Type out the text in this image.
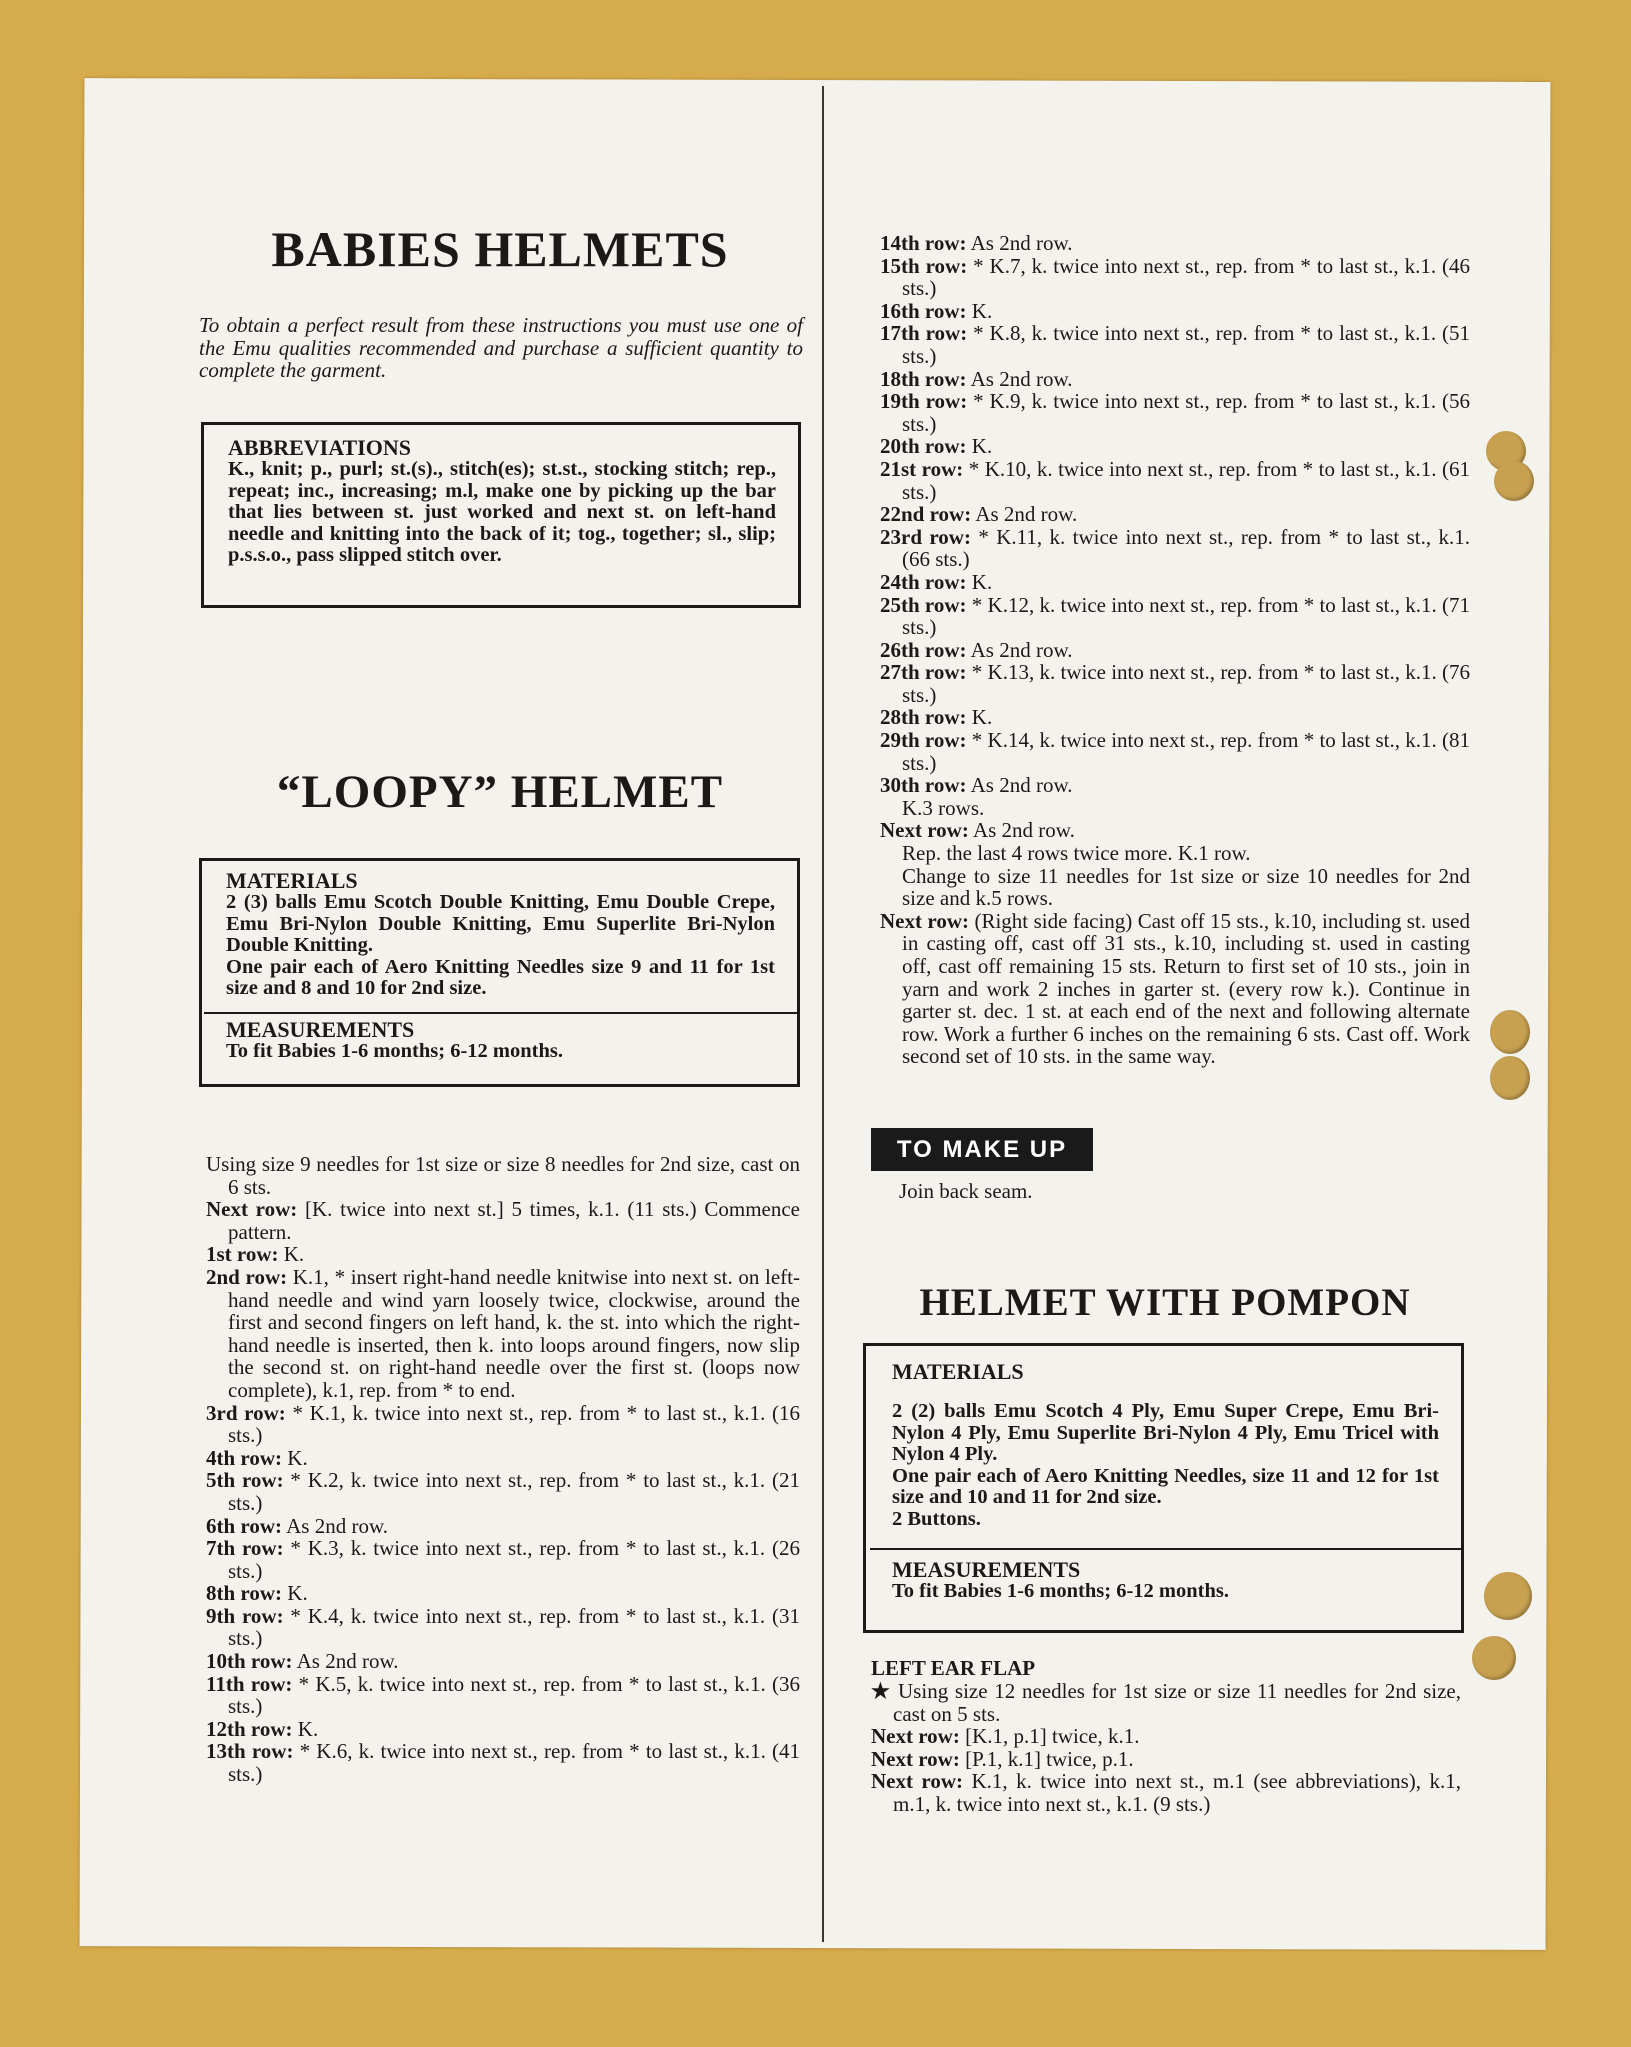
BABIES HELMETS
To obtain a perfect result from these instructions you must use one of the Emu qualities recommended and purchase a sufficient quantity to complete the garment.
ABBREVIATIONS
K., knit; p., purl; st.(s)., stitch(es); st.st., stocking stitch; rep., repeat; inc., increasing; m.l, make one by picking up the bar that lies between st. just worked and next st. on left-hand needle and knitting into the back of it; tog., together; sl., slip; p.s.s.o., pass slipped stitch over.
“LOOPY” HELMET
MATERIALS
2 (3) balls Emu Scotch Double Knitting, Emu Double Crepe, Emu Bri-Nylon Double Knitting, Emu Superlite Bri-Nylon Double Knitting.
One pair each of Aero Knitting Needles size 9 and 11 for 1st size and 8 and 10 for 2nd size.
MEASUREMENTS
To fit Babies 1-6 months; 6-12 months.

Using size 9 needles for 1st size or size 8 needles for 2nd size, cast on 6 sts.

Next row: [K. twice into next st.] 5 times, k.1. (11 sts.) Commence pattern.

1st row: K.

2nd row: K.1, * insert right-hand needle knitwise into next st. on left-hand needle and wind yarn loosely twice, clockwise, around the first and second fingers on left hand, k. the st. into which the right-hand needle is inserted, then k. into loops around fingers, now slip the second st. on right-hand needle over the first st. (loops now complete), k.1, rep. from * to end.

3rd row: * K.1, k. twice into next st., rep. from * to last st., k.1. (16 sts.)

4th row: K.

5th row: * K.2, k. twice into next st., rep. from * to last st., k.1. (21 sts.)

6th row: As 2nd row.

7th row: * K.3, k. twice into next st., rep. from * to last st., k.1. (26 sts.)

8th row: K.

9th row: * K.4, k. twice into next st., rep. from * to last st., k.1. (31 sts.)

10th row: As 2nd row.

11th row: * K.5, k. twice into next st., rep. from * to last st., k.1. (36 sts.)

12th row: K.

13th row: * K.6, k. twice into next st., rep. from * to last st., k.1. (41 sts.)

14th row: As 2nd row.

15th row: * K.7, k. twice into next st., rep. from * to last st., k.1. (46 sts.)

16th row: K.

17th row: * K.8, k. twice into next st., rep. from * to last st., k.1. (51 sts.)

18th row: As 2nd row.

19th row: * K.9, k. twice into next st., rep. from * to last st., k.1. (56 sts.)

20th row: K.

21st row: * K.10, k. twice into next st., rep. from * to last st., k.1. (61 sts.)

22nd row: As 2nd row.

23rd row: * K.11, k. twice into next st., rep. from * to last st., k.1. (66 sts.)

24th row: K.

25th row: * K.12, k. twice into next st., rep. from * to last st., k.1. (71 sts.)

26th row: As 2nd row.

27th row: * K.13, k. twice into next st., rep. from * to last st., k.1. (76 sts.)

28th row: K.

29th row: * K.14, k. twice into next st., rep. from * to last st., k.1. (81 sts.)

30th row: As 2nd row.

K.3 rows.

Next row: As 2nd row.

Rep. the last 4 rows twice more. K.1 row.

Change to size 11 needles for 1st size or size 10 needles for 2nd size and k.5 rows.

Next row: (Right side facing) Cast off 15 sts., k.10, including st. used in casting off, cast off 31 sts., k.10, including st. used in casting off, cast off remaining 15 sts. Return to first set of 10 sts., join in yarn and work 2 inches in garter st. (every row k.). Continue in garter st. dec. 1 st. at each end of the next and following alternate row. Work a further 6 inches on the remaining 6 sts. Cast off. Work second set of 10 sts. in the same way.

TO MAKE UP
Join back seam.
HELMET WITH POMPON
MATERIALS
2 (2) balls Emu Scotch 4 Ply, Emu Super Crepe, Emu Bri-Nylon 4 Ply, Emu Superlite Bri-Nylon 4 Ply, Emu Tricel with Nylon 4 Ply.
One pair each of Aero Knitting Needles, size 11 and 12 for 1st size and 10 and 11 for 2nd size.
2 Buttons.
MEASUREMENTS
To fit Babies 1-6 months; 6-12 months.
LEFT EAR FLAP

★ Using size 12 needles for 1st size or size 11 needles for 2nd size, cast on 5 sts.

Next row: [K.1, p.1] twice, k.1.

Next row: [P.1, k.1] twice, p.1.

Next row: K.1, k. twice into next st., m.1 (see abbreviations), k.1, m.1, k. twice into next st., k.1. (9 sts.)
